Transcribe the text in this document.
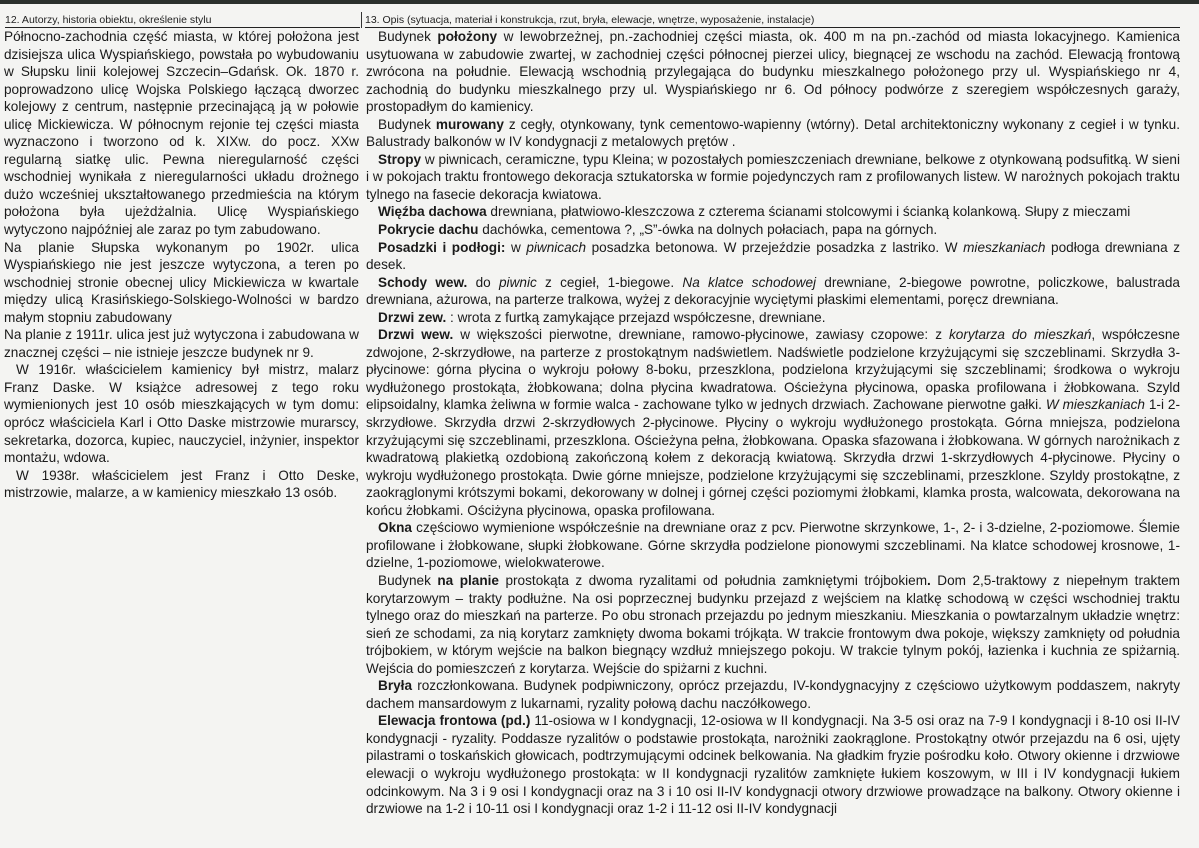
12. Autorzy, historia obiektu, określenie stylu	13. Opis (sytuacja, materiał i konstrukcja, rzut, bryła, elewacje, wnętrze, wyposażenie, instalacje)

Północno-zachodnia część miasta, w której położona jest dzisiejsza ulica Wyspiańskiego, powstała po wybudowaniu w Słupsku linii kolejowej Szczecin–Gdańsk. Ok. 1870 r. poprowadzono ulicę Wojska Polskiego łączącą dworzec kolejowy z centrum, następnie przecinającą ją w połowie ulicę Mickiewicza. W północnym rejonie tej części miasta wyznaczono i tworzono od k. XIXw. do pocz. XXw regularną siatkę ulic. Pewna nieregularność części wschodniej wynikała z nieregularności układu drożnego dużo wcześniej ukształtowanego przedmieścia na którym położona była ujeżdżalnia. Ulicę Wyspiańskiego wytyczono najpóźniej ale zaraz po tym zabudowano.

Na planie Słupska wykonanym po 1902r. ulica Wyspiańskiego nie jest jeszcze wytyczona, a teren po wschodniej stronie obecnej ulicy Mickiewicza w kwartale między ulicą Krasińskiego-Solskiego-Wolności w bardzo małym stopniu zabudowany

Na planie z 1911r. ulica jest już wytyczona i zabudowana w znacznej części – nie istnieje jeszcze budynek nr 9.

W 1916r. właścicielem kamienicy był mistrz, malarz Franz Daske. W książce adresowej z tego roku wymienionych jest 10 osób mieszkających w tym domu: oprócz właściciela Karl i Otto Daske mistrzowie murarscy, sekretarka, dozorca, kupiec, nauczyciel, inżynier, inspektor montażu, wdowa.

W 1938r. właścicielem jest Franz i Otto Deske, mistrzowie, malarze, a w kamienicy mieszkało 13 osób.

Budynek położony w lewobrzeżnej, pn.-zachodniej części miasta, ok. 400 m na pn.-zachód od miasta lokacyjnego. Kamienica usytuowana w zabudowie zwartej, w zachodniej części północnej pierzei ulicy, biegnącej ze wschodu na zachód. Elewacją frontową zwrócona na południe. Elewacją wschodnią przylegająca do budynku mieszkalnego położonego przy ul. Wyspiańskiego nr 4, zachodnią do budynku mieszkalnego przy ul. Wyspiańskiego nr 6. Od północy podwórze z szeregiem współczesnych garaży, prostopadłym do kamienicy.

Budynek murowany z cegły, otynkowany, tynk cementowo-wapienny (wtórny). Detal architektoniczny wykonany z cegieł i w tynku. Balustrady balkonów w IV kondygnacji z metalowych prętów .

Stropy w piwnicach, ceramiczne, typu Kleina; w pozostałych pomieszczeniach drewniane, belkowe z otynkowaną podsufitką. W sieni i w pokojach traktu frontowego dekoracja sztukatorska w formie pojedynczych ram z profilowanych listew. W narożnych pokojach traktu tylnego na fasecie dekoracja kwiatowa.

Więźba dachowa drewniana, płatwiowo-kleszczowa z czterema ścianami stolcowymi i ścianką kolankową. Słupy z mieczami

Pokrycie dachu dachówka, cementowa ?, „S”-ówka na dolnych połaciach, papa na górnych.

Posadzki i podłogi: w piwnicach posadzka betonowa. W przejeździe posadzka z lastriko. W mieszkaniach podłoga drewniana z desek.

Schody wew. do piwnic z cegieł, 1-biegowe. Na klatce schodowej drewniane, 2-biegowe powrotne, policzkowe, balustrada drewniana, ażurowa, na parterze tralkowa, wyżej z dekoracyjnie wyciętymi płaskimi elementami, poręcz drewniana.

Drzwi zew. : wrota z furtką zamykające przejazd współczesne, drewniane.

Drzwi wew. w większości pierwotne, drewniane, ramowo-płycinowe, zawiasy czopowe: z korytarza do mieszkań, współczesne zdwojone, 2-skrzydłowe, na parterze z prostokątnym nadświetlem. Nadświetle podzielone krzyżującymi się szczeblinami. Skrzydła 3-płycinowe: górna płycina o wykroju połowy 8-boku, przeszklona, podzielona krzyżującymi się szczeblinami; środkowa o wykroju wydłużonego prostokąta, żłobkowana; dolna płycina kwadratowa. Ościeżyna płycinowa, opaska profilowana i żłobkowana. Szyld elipsoidalny, klamka żeliwna w formie walca - zachowane tylko w jednych drzwiach. Zachowane pierwotne gałki. W mieszkaniach 1-i 2-skrzydłowe. Skrzydła drzwi 2-skrzydłowych 2-płycinowe. Płyciny o wykroju wydłużonego prostokąta. Górna mniejsza, podzielona krzyżującymi się szczeblinami, przeszklona. Ościeżyna pełna, żłobkowana. Opaska sfazowana i żłobkowana. W górnych narożnikach z kwadratową plakietką ozdobioną zakończoną kołem z dekoracją kwiatową. Skrzydła drzwi 1-skrzydłowych 4-płycinowe. Płyciny o wykroju wydłużonego prostokąta. Dwie górne mniejsze, podzielone krzyżującymi się szczeblinami, przeszklone. Szyldy prostokątne, z zaokrąglonymi krótszymi bokami, dekorowany w dolnej i górnej części poziomymi żłobkami, klamka prosta, walcowata, dekorowana na końcu żłobkami. Ościżyna płycinowa, opaska profilowana.

Okna częściowo wymienione współcześnie na drewniane oraz z pcv. Pierwotne skrzynkowe, 1-, 2- i 3-dzielne, 2-poziomowe. Ślemie profilowane i żłobkowane, słupki żłobkowane. Górne skrzydła podzielone pionowymi szczeblinami. Na klatce schodowej krosnowe, 1-dzielne, 1-poziomowe, wielokwaterowe.

Budynek na planie prostokąta z dwoma ryzalitami od południa zamkniętymi trójbokiem. Dom 2,5-traktowy z niepełnym traktem korytarzowym – trakty podłużne. Na osi poprzecznej budynku przejazd z wejściem na klatkę schodową w części wschodniej traktu tylnego oraz do mieszkań na parterze. Po obu stronach przejazdu po jednym mieszkaniu. Mieszkania o powtarzalnym układzie wnętrz: sień ze schodami, za nią korytarz zamknięty dwoma bokami trójkąta. W trakcie frontowym dwa pokoje, większy zamknięty od południa trójbokiem, w którym wejście na balkon biegnący wzdłuż mniejszego pokoju. W trakcie tylnym pokój, łazienka i kuchnia ze spiżarnią. Wejścia do pomieszczeń z korytarza. Wejście do spiżarni z kuchni.

Bryła rozczłonkowana. Budynek podpiwniczony, oprócz przejazdu, IV-kondygnacyjny z częściowo użytkowym poddaszem, nakryty dachem mansardowym z lukarnami, ryzality połową dachu naczółkowego.

Elewacja frontowa (pd.) 11-osiowa w I kondygnacji, 12-osiowa w II kondygnacji. Na 3-5 osi oraz na 7-9 I kondygnacji i 8-10 osi II-IV kondygnacji - ryzality. Poddasze ryzalitów o podstawie prostokąta, narożniki zaokrąglone. Prostokątny otwór przejazdu na 6 osi, ujęty pilastrami o toskańskich głowicach, podtrzymującymi odcinek belkowania. Na gładkim fryzie pośrodku koło. Otwory okienne i drzwiowe elewacji o wykroju wydłużonego prostokąta: w II kondygnacji ryzalitów zamknięte łukiem koszowym, w III i IV kondygnacji łukiem odcinkowym. Na 3 i 9 osi I kondygnacji oraz na 3 i 10 osi II-IV kondygnacji otwory drzwiowe prowadzące na balkony. Otwory okienne i drzwiowe na 1-2 i 10-11 osi I kondygnacji oraz 1-2 i 11-12 osi II-IV kondygnacji
